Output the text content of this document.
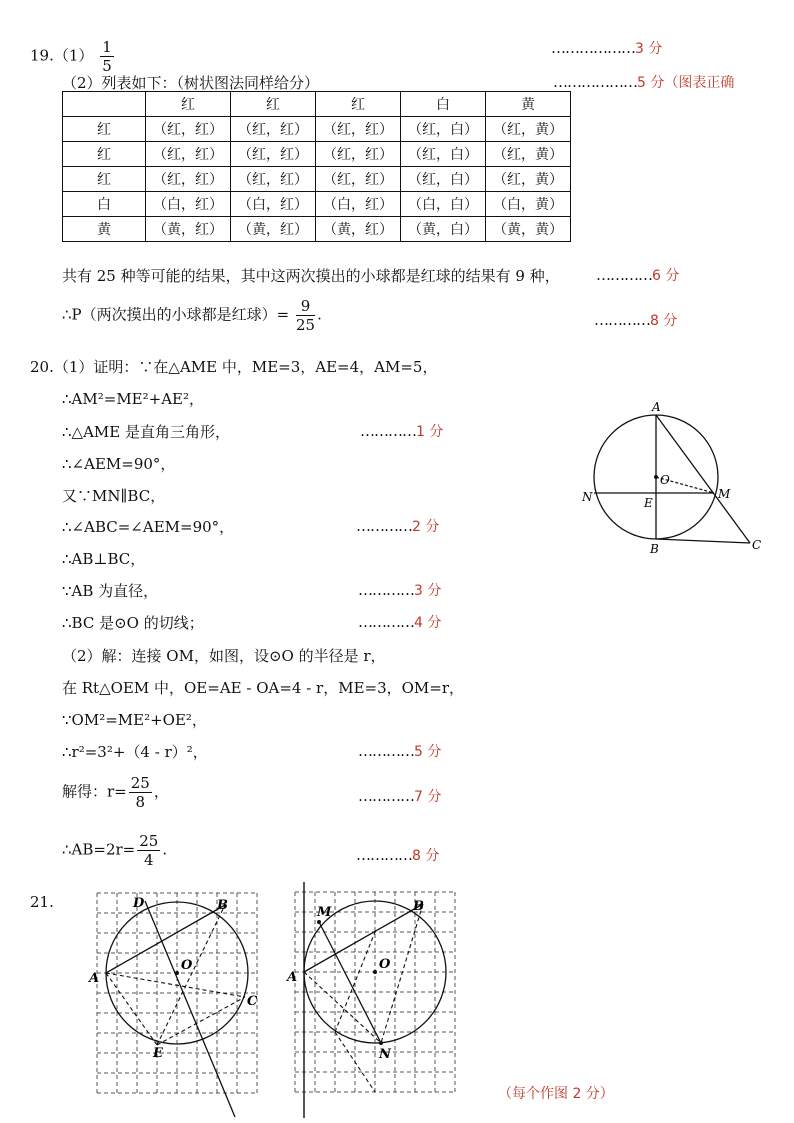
$19.(1) \frac{1}{5}$	………………3 分
（2）列表如下：（树状图法同样给分）	………………5 分（图表正确
	红	红	红	白	黄
红	（红，红）	（红，红）	（红，红）	（红，白）	（红，黄）
红	（红，红）	（红，红）	（红，红）	（红，白）	（红，黄）
红	（红，红）	（红，红）	（红，红）	（红，白）	（红，黄）
白	（白，红）	（白，红）	（白，红）	（白，白）	（白，黄）
黄	（黄，红）	（黄，红）	（黄，红）	（黄，白）	（黄，黄）
共有 25 种等可能的结果，其中这两次摸出的小球都是红球的结果有 9 种， …………6 分
∴P（两次摸出的小球都是红球）= $\frac{9}{25}$ .	…………8 分
20.（1）证明：∵在△AME 中，ME=3，AE=4，AM=5，
∴AM²=ME²+AE²，
∴△AME 是直角三角形，	…………1 分
∴∠AEM=90°，
又∵MN∥BC，
∴∠ABC=∠AEM=90°，	…………2 分
∴AB⊥BC，
∵AB 为直径，	…………3 分
∴BC 是⊙O 的切线；	…………4 分
（2）解：连接 OM，如图，设⊙O 的半径是 r，
在 Rt△OEM 中，OE=AE - OA=4 - r，ME=3，OM=r，
∵OM²=ME²+OE²，
∴r²=3²+（4 - r）²，	…………5 分
解得：$r= \frac{25}{8}$ ，	…………7 分
∴AB=2r= $\frac{25}{4}$ .	…………8 分
A
O
M
N	E
B	C
21.	D	B
O
A
C
E
M	B
O
A
N
（每个作图 2 分）
